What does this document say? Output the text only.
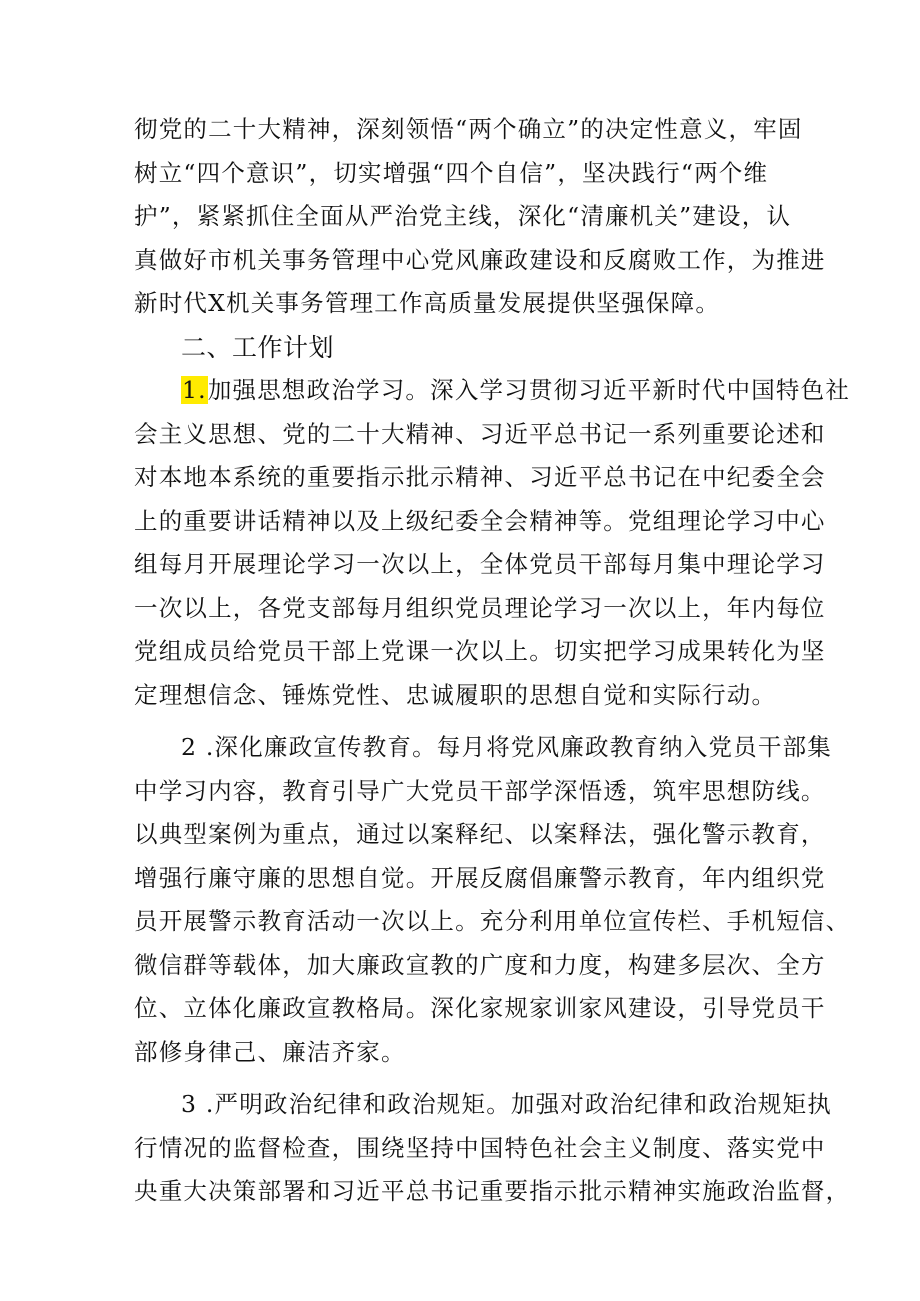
彻党的二十大精神，深刻领悟“两个确立”的决定性意义，牢固
树立“四个意识”，切实增强“四个自信”，坚决践行“两个维
护”，紧紧抓住全面从严治党主线，深化“清廉机关”建设，认
真做好市机关事务管理中心党风廉政建设和反腐败工作，为推进
新时代X机关事务管理工作高质量发展提供坚强保障。
二、工作计划
1.加强思想政治学习。深入学习贯彻习近平新时代中国特色社
会主义思想、党的二十大精神、习近平总书记一系列重要论述和
对本地本系统的重要指示批示精神、习近平总书记在中纪委全会
上的重要讲话精神以及上级纪委全会精神等。党组理论学习中心
组每月开展理论学习一次以上，全体党员干部每月集中理论学习
一次以上，各党支部每月组织党员理论学习一次以上，年内每位
党组成员给党员干部上党课一次以上。切实把学习成果转化为坚
定理想信念、锤炼党性、忠诚履职的思想自觉和实际行动。
2 .深化廉政宣传教育。每月将党风廉政教育纳入党员干部集
中学习内容，教育引导广大党员干部学深悟透，筑牢思想防线。
以典型案例为重点，通过以案释纪、以案释法，强化警示教育，
增强行廉守廉的思想自觉。开展反腐倡廉警示教育，年内组织党
员开展警示教育活动一次以上。充分利用单位宣传栏、手机短信、
微信群等载体，加大廉政宣教的广度和力度，构建多层次、全方
位、立体化廉政宣教格局。深化家规家训家风建设，引导党员干
部修身律己、廉洁齐家。
3 .严明政治纪律和政治规矩。加强对政治纪律和政治规矩执
行情况的监督检查，围绕坚持中国特色社会主义制度、落实党中
央重大决策部署和习近平总书记重要指示批示精神实施政治监督，
